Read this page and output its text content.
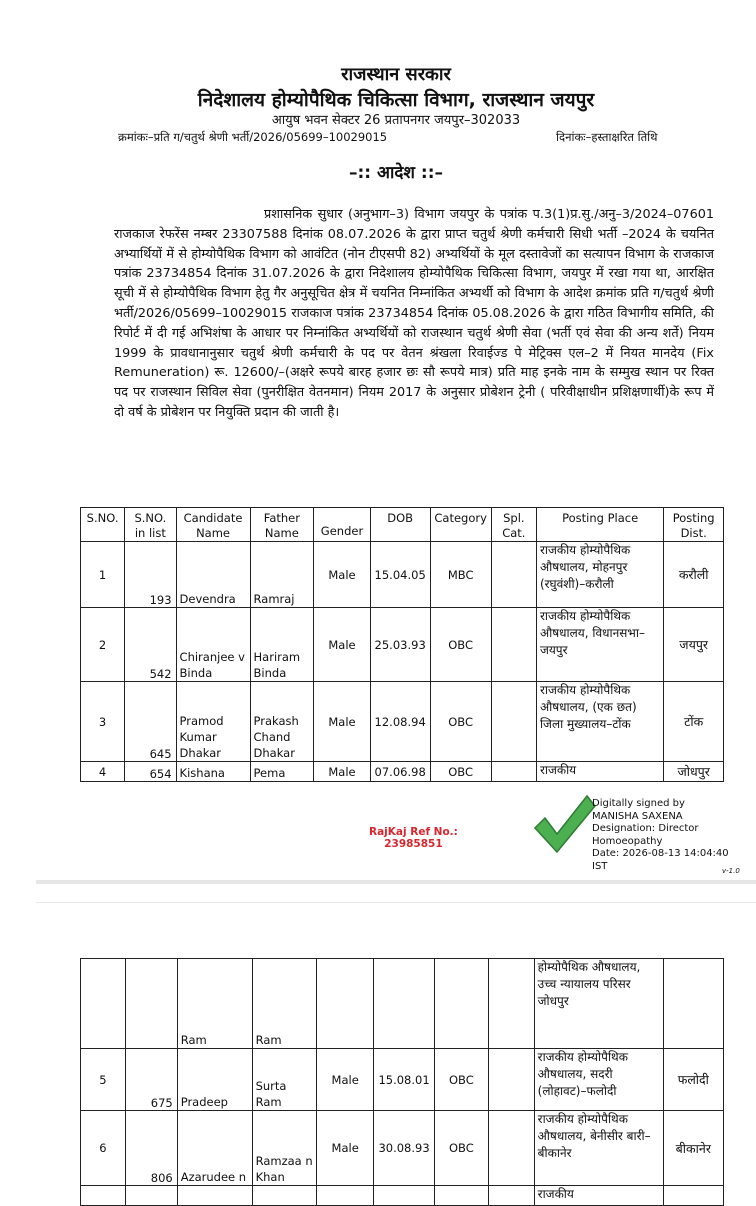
राजस्थान सरकार
निदेशालय होम्योपैथिक चिकित्सा विभाग, राजस्थान जयपुर
आयुष भवन सेक्टर 26 प्रतापनगर जयपुर–302033
क्रमांकः–प्रति ग/चतुर्थ श्रेणी भर्ती/2026/05699–10029015	दिनांकः–हस्ताक्षरित तिथि
–:: आदेश ::–
प्रशासनिक सुधार (अनुभाग–3) विभाग जयपुर के पत्रांक प.3(1)प्र.सु./अनु–3/2024–07601 राजकाज रेफरेंस नम्बर 23307588 दिनांक 08.07.2026 के द्वारा प्राप्त चतुर्थ श्रेणी कर्मचारी सिधी भर्ती –2024 के चयनित अभ्यार्थियों में से होम्योपैथिक विभाग को आवंटित (नोन टीएसपी 82) अभ्यर्थियों के मूल दस्तावेजों का सत्यापन विभाग के राजकाज पत्रांक 23734854 दिनांक 31.07.2026 के द्वारा निदेशालय होम्योपैथिक चिकित्सा विभाग, जयपुर में रखा गया था, आरक्षित सूची में से होम्योपैथिक विभाग हेतु गैर अनुसूचित क्षेत्र में चयनित निम्नांकित अभ्यर्थी को विभाग के आदेश क्रमांक प्रति ग/चतुर्थ श्रेणी भर्ती/2026/05699–10029015 राजकाज पत्रांक 23734854 दिनांक 05.08.2026 के द्वारा गठित विभागीय समिति, की रिपोर्ट में दी गई अभिशंषा के आधार पर निम्नांकित अभ्यर्थियों को राजस्थान चतुर्थ श्रेणी सेवा (भर्ती एवं सेवा की अन्य शर्ते) नियम 1999 के प्रावधानानुसार चतुर्थ श्रेणी कर्मचारी के पद पर वेतन श्रंखला रिवाईज्ड पे मेट्रिक्स एल–2 में नियत मानदेय (Fix Remuneration) रू. 12600/–(अक्षरे रूपये बारह हजार छः सौ रूपये मात्र) प्रति माह इनके नाम के सम्मुख स्थान पर रिक्त पद पर राजस्थान सिविल सेवा (पुनरीक्षित वेतनमान) नियम 2017 के अनुसार प्रोबेशन ट्रेनी ( परिवीक्षाधीन प्रशिक्षणार्थी)के रूप में दो वर्ष के प्रोबेशन पर नियुक्ति प्रदान की जाती है।
S.NO.	S.NO. in list	Candidate Name	Father Name	Gender	DOB	Category	Spl. Cat.	Posting Place	Posting Dist.
1	193	Devendra	Ramraj	Male	15.04.05	MBC		राजकीय होम्योपैथिक औषधालय, मोहनपुर (रघुवंशी)–करौली	करौली
2	542	Chiranjee v Binda	Hariram Binda	Male	25.03.93	OBC		राजकीय होम्योपैथिक औषधालय, विधानसभा–जयपुर	जयपुर
3	645	Pramod Kumar Dhakar	Prakash Chand Dhakar	Male	12.08.94	OBC		राजकीय होम्योपैथिक औषधालय, (एक छत) जिला मुख्यालय–टोंक	टोंक
4	654	Kishana	Pema	Male	07.06.98	OBC		राजकीय	जोधपुर
RajKaj Ref No.:
23985851
Digitally signed by
MANISHA SAXENA
Designation: Director
Homoeopathy
Date: 2026-08-13 14:04:40
IST	v-1.0
		Ram	Ram					होम्योपैथिक औषधालय, उच्च न्यायालय परिसर जोधपुर	
5	675	Pradeep	Surta Ram	Male	15.08.01	OBC		राजकीय होम्योपैथिक औषधालय, सदरी (लोहावट)–फलोदी	फलोदी
6	806	Azarudee n	Ramzaa n Khan	Male	30.08.93	OBC		राजकीय होम्योपैथिक औषधालय, बेनीसीर बारी–बीकानेर	बीकानेर
								राजकीय	
